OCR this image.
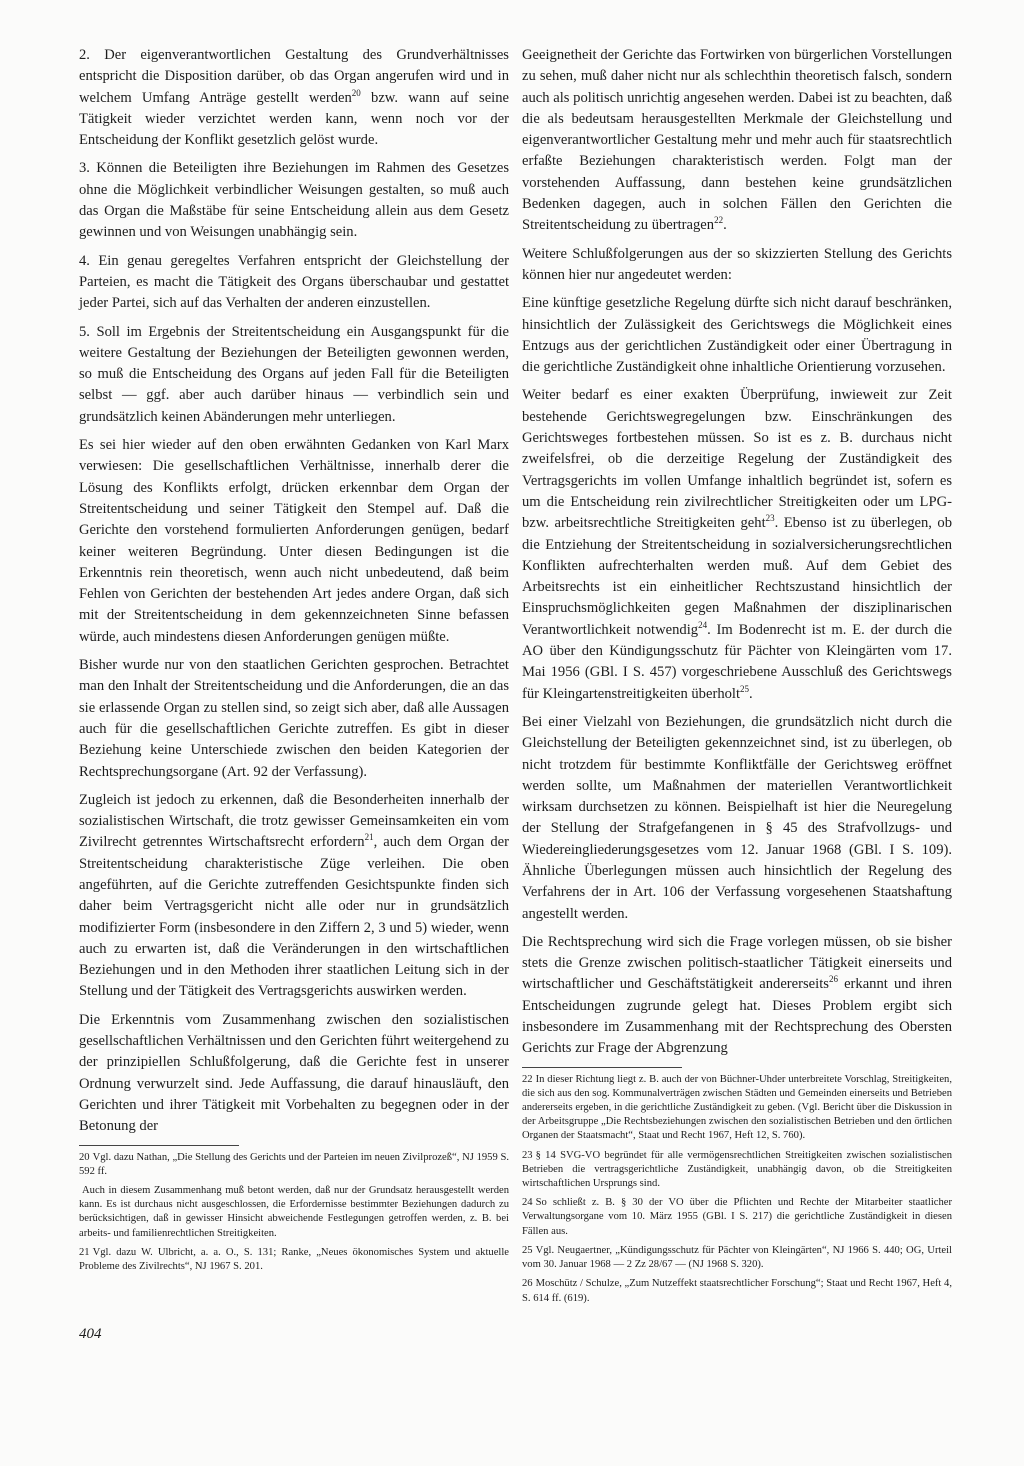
2. Der eigenverantwortlichen Gestaltung des Grundverhältnisses entspricht die Disposition darüber, ob das Organ angerufen wird und in welchem Umfang Anträge gestellt werden$^{20}$ bzw. wann auf seine Tätigkeit wieder verzichtet werden kann, wenn noch vor der Entscheidung der Konflikt gesetzlich gelöst wurde.

3. Können die Beteiligten ihre Beziehungen im Rahmen des Gesetzes ohne die Möglichkeit verbindlicher Weisungen gestalten, so muß auch das Organ die Maßstäbe für seine Entscheidung allein aus dem Gesetz gewinnen und von Weisungen unabhängig sein.

4. Ein genau geregeltes Verfahren entspricht der Gleichstellung der Parteien, es macht die Tätigkeit des Organs überschaubar und gestattet jeder Partei, sich auf das Verhalten der anderen einzustellen.

5. Soll im Ergebnis der Streitentscheidung ein Ausgangspunkt für die weitere Gestaltung der Beziehungen der Beteiligten gewonnen werden, so muß die Entscheidung des Organs auf jeden Fall für die Beteiligten selbst — ggf. aber auch darüber hinaus — verbindlich sein und grundsätzlich keinen Abänderungen mehr unterliegen.

Es sei hier wieder auf den oben erwähnten Gedanken von Karl Marx verwiesen: Die gesellschaftlichen Verhältnisse, innerhalb derer die Lösung des Konflikts erfolgt, drücken erkennbar dem Organ der Streitentscheidung und seiner Tätigkeit den Stempel auf. Daß die Gerichte den vorstehend formulierten Anforderungen genügen, bedarf keiner weiteren Begründung. Unter diesen Bedingungen ist die Erkenntnis rein theoretisch, wenn auch nicht unbedeutend, daß beim Fehlen von Gerichten der bestehenden Art jedes andere Organ, daß sich mit der Streitentscheidung in dem gekennzeichneten Sinne befassen würde, auch mindestens diesen Anforderungen genügen müßte.

Bisher wurde nur von den staatlichen Gerichten gesprochen. Betrachtet man den Inhalt der Streitentscheidung und die Anforderungen, die an das sie erlassende Organ zu stellen sind, so zeigt sich aber, daß alle Aussagen auch für die gesellschaftlichen Gerichte zutreffen. Es gibt in dieser Beziehung keine Unterschiede zwischen den beiden Kategorien der Rechtsprechungsorgane (Art. 92 der Verfassung).

Zugleich ist jedoch zu erkennen, daß die Besonderheiten innerhalb der sozialistischen Wirtschaft, die trotz gewisser Gemeinsamkeiten ein vom Zivilrecht getrenntes Wirtschaftsrecht erfordern$^{21}$, auch dem Organ der Streitentscheidung charakteristische Züge verleihen. Die oben angeführten, auf die Gerichte zutreffenden Gesichtspunkte finden sich daher beim Vertragsgericht nicht alle oder nur in grundsätzlich modifizierter Form (insbesondere in den Ziffern 2, 3 und 5) wieder, wenn auch zu erwarten ist, daß die Veränderungen in den wirtschaftlichen Beziehungen und in den Methoden ihrer staatlichen Leitung sich in der Stellung und der Tätigkeit des Vertragsgerichts auswirken werden.

Die Erkenntnis vom Zusammenhang zwischen den sozialistischen gesellschaftlichen Verhältnissen und den Gerichten führt weitergehend zu der prinzipiellen Schlußfolgerung, daß die Gerichte fest in unserer Ordnung verwurzelt sind. Jede Auffassung, die darauf hinausläuft, den Gerichten und ihrer Tätigkeit mit Vorbehalten zu begegnen oder in der Betonung der

20 Vgl. dazu Nathan, „Die Stellung des Gerichts und der Parteien im neuen Zivilprozeß“, NJ 1959 S. 592 ff.

Auch in diesem Zusammenhang muß betont werden, daß nur der Grundsatz herausgestellt werden kann. Es ist durchaus nicht ausgeschlossen, die Erfordernisse bestimmter Beziehungen dadurch zu berücksichtigen, daß in gewisser Hinsicht abweichende Festlegungen getroffen werden, z. B. bei arbeits- und familienrechtlichen Streitigkeiten.

21 Vgl. dazu W. Ulbricht, a. a. O., S. 131; Ranke, „Neues ökonomisches System und aktuelle Probleme des Zivilrechts“, NJ 1967 S. 201.

Geeignetheit der Gerichte das Fortwirken von bürgerlichen Vorstellungen zu sehen, muß daher nicht nur als schlechthin theoretisch falsch, sondern auch als politisch unrichtig angesehen werden. Dabei ist zu beachten, daß die als bedeutsam herausgestellten Merkmale der Gleichstellung und eigenverantwortlicher Gestaltung mehr und mehr auch für staatsrechtlich erfaßte Beziehungen charakteristisch werden. Folgt man der vorstehenden Auffassung, dann bestehen keine grundsätzlichen Bedenken dagegen, auch in solchen Fällen den Gerichten die Streitentscheidung zu übertragen$^{22}$.

Weitere Schlußfolgerungen aus der so skizzierten Stellung des Gerichts können hier nur angedeutet werden:

Eine künftige gesetzliche Regelung dürfte sich nicht darauf beschränken, hinsichtlich der Zulässigkeit des Gerichtswegs die Möglichkeit eines Entzugs aus der gerichtlichen Zuständigkeit oder einer Übertragung in die gerichtliche Zuständigkeit ohne inhaltliche Orientierung vorzusehen.

Weiter bedarf es einer exakten Überprüfung, inwieweit zur Zeit bestehende Gerichtswegregelungen bzw. Einschränkungen des Gerichtsweges fortbestehen müssen. So ist es z. B. durchaus nicht zweifelsfrei, ob die derzeitige Regelung der Zuständigkeit des Vertragsgerichts im vollen Umfange inhaltlich begründet ist, sofern es um die Entscheidung rein zivilrechtlicher Streitigkeiten oder um LPG- bzw. arbeitsrechtliche Streitigkeiten geht$^{23}$. Ebenso ist zu überlegen, ob die Entziehung der Streitentscheidung in sozialversicherungsrechtlichen Konflikten aufrechterhalten werden muß. Auf dem Gebiet des Arbeitsrechts ist ein einheitlicher Rechtszustand hinsichtlich der Einspruchsmöglichkeiten gegen Maßnahmen der disziplinarischen Verantwortlichkeit notwendig$^{24}$. Im Bodenrecht ist m. E. der durch die AO über den Kündigungsschutz für Pächter von Kleingärten vom 17. Mai 1956 (GBl. I S. 457) vorgeschriebene Ausschluß des Gerichtswegs für Kleingartenstreitigkeiten überholt$^{25}$.

Bei einer Vielzahl von Beziehungen, die grundsätzlich nicht durch die Gleichstellung der Beteiligten gekennzeichnet sind, ist zu überlegen, ob nicht trotzdem für bestimmte Konfliktfälle der Gerichtsweg eröffnet werden sollte, um Maßnahmen der materiellen Verantwortlichkeit wirksam durchsetzen zu können. Beispielhaft ist hier die Neuregelung der Stellung der Strafgefangenen in § 45 des Strafvollzugs- und Wiedereingliederungsgesetzes vom 12. Januar 1968 (GBl. I S. 109). Ähnliche Überlegungen müssen auch hinsichtlich der Regelung des Verfahrens der in Art. 106 der Verfassung vorgesehenen Staatshaftung angestellt werden.

Die Rechtsprechung wird sich die Frage vorlegen müssen, ob sie bisher stets die Grenze zwischen politisch-staatlicher Tätigkeit einerseits und wirtschaftlicher und Geschäftstätigkeit andererseits$^{26}$ erkannt und ihren Entscheidungen zugrunde gelegt hat. Dieses Problem ergibt sich insbesondere im Zusammenhang mit der Rechtsprechung des Obersten Gerichts zur Frage der Abgrenzung

22 In dieser Richtung liegt z. B. auch der von Büchner-Uhder unterbreitete Vorschlag, Streitigkeiten, die sich aus den sog. Kommunalverträgen zwischen Städten und Gemeinden einerseits und Betrieben andererseits ergeben, in die gerichtliche Zuständigkeit zu geben. (Vgl. Bericht über die Diskussion in der Arbeitsgruppe „Die Rechtsbeziehungen zwischen den sozialistischen Betrieben und den örtlichen Organen der Staatsmacht“, Staat und Recht 1967, Heft 12, S. 760).

23 § 14 SVG-VO begründet für alle vermögensrechtlichen Streitigkeiten zwischen sozialistischen Betrieben die vertragsgerichtliche Zuständigkeit, unabhängig davon, ob die Streitigkeiten wirtschaftlichen Ursprungs sind.

24 So schließt z. B. § 30 der VO über die Pflichten und Rechte der Mitarbeiter staatlicher Verwaltungsorgane vom 10. März 1955 (GBl. I S. 217) die gerichtliche Zuständigkeit in diesen Fällen aus.

25 Vgl. Neugaertner, „Kündigungsschutz für Pächter von Kleingärten“, NJ 1966 S. 440; OG, Urteil vom 30. Januar 1968 — 2 Zz 28/67 — (NJ 1968 S. 320).

26 Moschütz / Schulze, „Zum Nutzeffekt staatsrechtlicher Forschung“; Staat und Recht 1967, Heft 4, S. 614 ff. (619).

404
